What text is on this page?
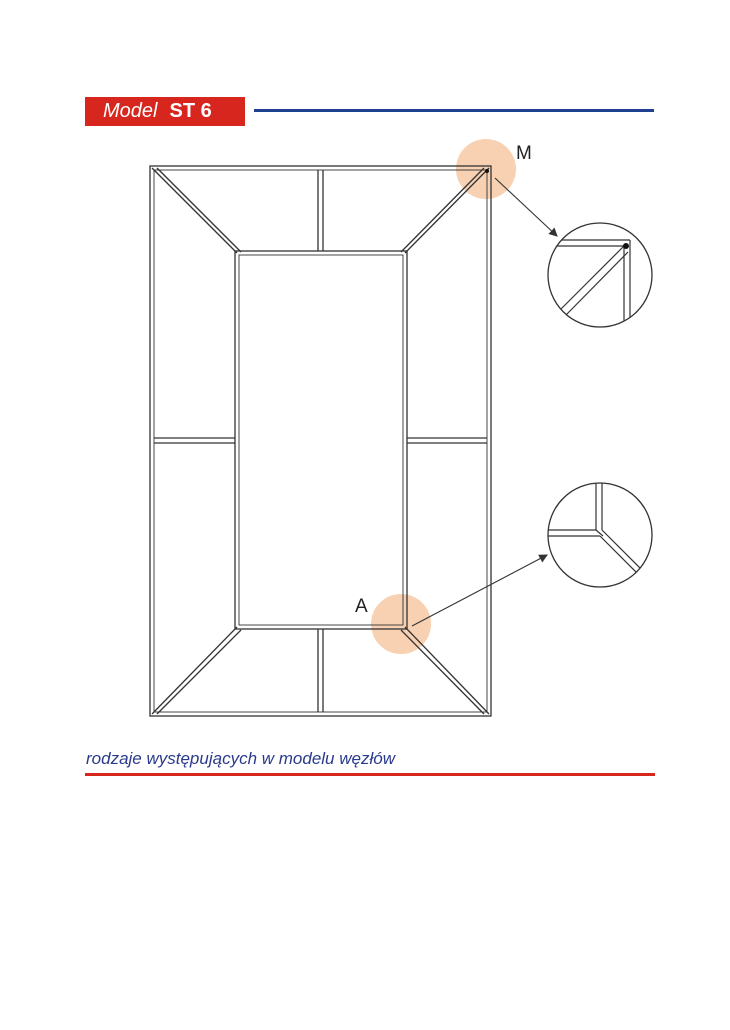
Model ST 6
M
A
rodzaje występujących w modelu węzłów
